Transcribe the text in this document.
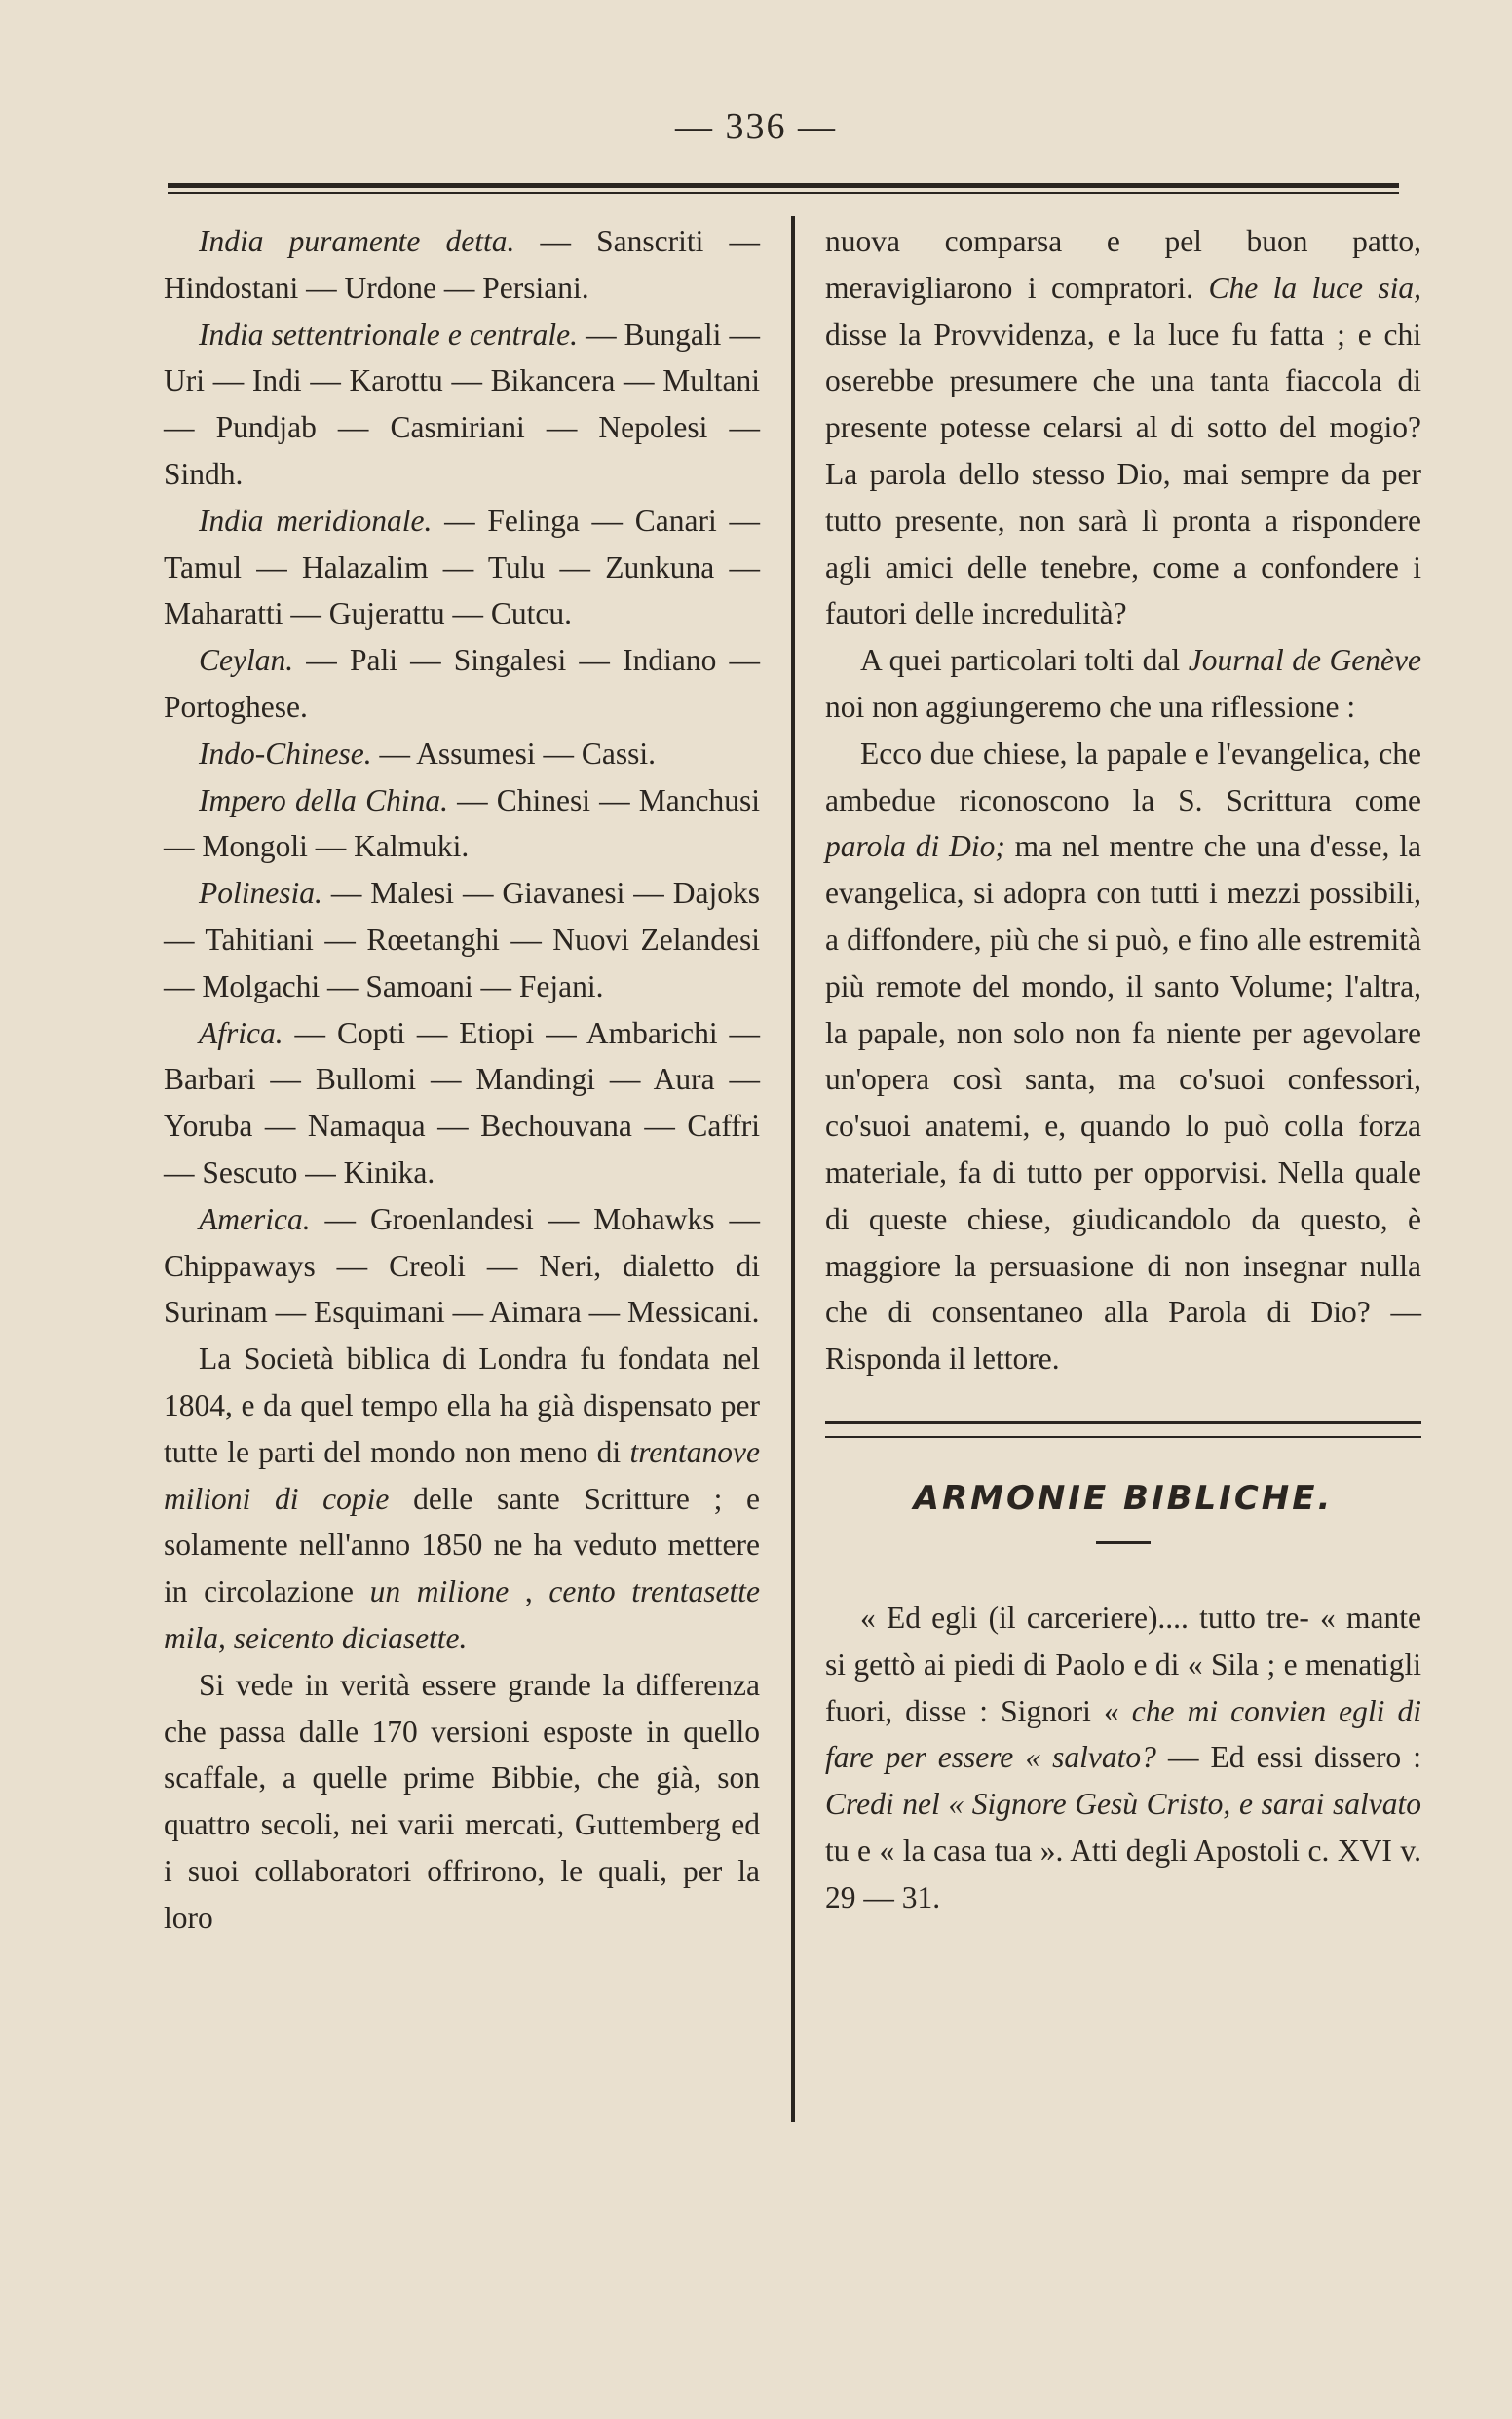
— 336 —

India puramente detta. — Sanscriti — Hindostani — Urdone — Persiani.

India settentrionale e centrale. — Bungali — Uri — Indi — Karottu — Bikancera — Multani — Pundjab — Casmiriani — Nepolesi — Sindh.

India meridionale. — Felinga — Canari — Tamul — Halazalim — Tulu — Zunkuna — Maharatti — Gujerattu — Cutcu.

Ceylan. — Pali — Singalesi — Indiano — Portoghese.

Indo-Chinese. — Assumesi — Cassi.

Impero della China. — Chinesi — Manchusi — Mongoli — Kalmuki.

Polinesia. — Malesi — Giavanesi — Dajoks — Tahitiani — Rœetanghi — Nuovi Zelandesi — Molgachi — Samoani — Fejani.

Africa. — Copti — Etiopi — Ambarichi — Barbari — Bullomi — Mandingi — Aura — Yoruba — Namaqua — Bechouvana — Caffri — Sescuto — Kinika.

America. — Groenlandesi — Mohawks — Chippaways — Creoli — Neri, dialetto di Surinam — Esquimani — Aimara — Messicani.

La Società biblica di Londra fu fondata nel 1804, e da quel tempo ella ha già dispensato per tutte le parti del mondo non meno di trentanove milioni di copie delle sante Scritture ; e solamente nell'anno 1850 ne ha veduto mettere in circolazione un milione , cento trentasette mila, seicento diciasette.

Si vede in verità essere grande la differenza che passa dalle 170 versioni esposte in quello scaffale, a quelle prime Bibbie, che già, son quattro secoli, nei varii mercati, Guttemberg ed i suoi collaboratori offrirono, le quali, per la loro

nuova comparsa e pel buon patto, meravigliarono i compratori. Che la luce sia, disse la Provvidenza, e la luce fu fatta ; e chi oserebbe presumere che una tanta fiaccola di presente potesse celarsi al di sotto del mogio? La parola dello stesso Dio, mai sempre da per tutto presente, non sarà lì pronta a rispondere agli amici delle tenebre, come a confondere i fautori delle incredulità?

A quei particolari tolti dal Journal de Genève noi non aggiungeremo che una riflessione :

Ecco due chiese, la papale e l'evangelica, che ambedue riconoscono la S. Scrittura come parola di Dio; ma nel mentre che una d'esse, la evangelica, si adopra con tutti i mezzi possibili, a diffondere, più che si può, e fino alle estremità più remote del mondo, il santo Volume; l'altra, la papale, non solo non fa niente per agevolare un'opera così santa, ma co'suoi confessori, co'suoi anatemi, e, quando lo può colla forza materiale, fa di tutto per opporvisi. Nella quale di queste chiese, giudicandolo da questo, è maggiore la persuasione di non insegnar nulla che di consentaneo alla Parola di Dio? — Risponda il lettore.

ARMONIE BIBLICHE.

« Ed egli (il carceriere).... tutto tre- « mante si gettò ai piedi di Paolo e di « Sila ; e menatigli fuori, disse : Signori « che mi convien egli di fare per essere « salvato? — Ed essi dissero : Credi nel « Signore Gesù Cristo, e sarai salvato tu e « la casa tua ». Atti degli Apostoli c. XVI v. 29 — 31.
